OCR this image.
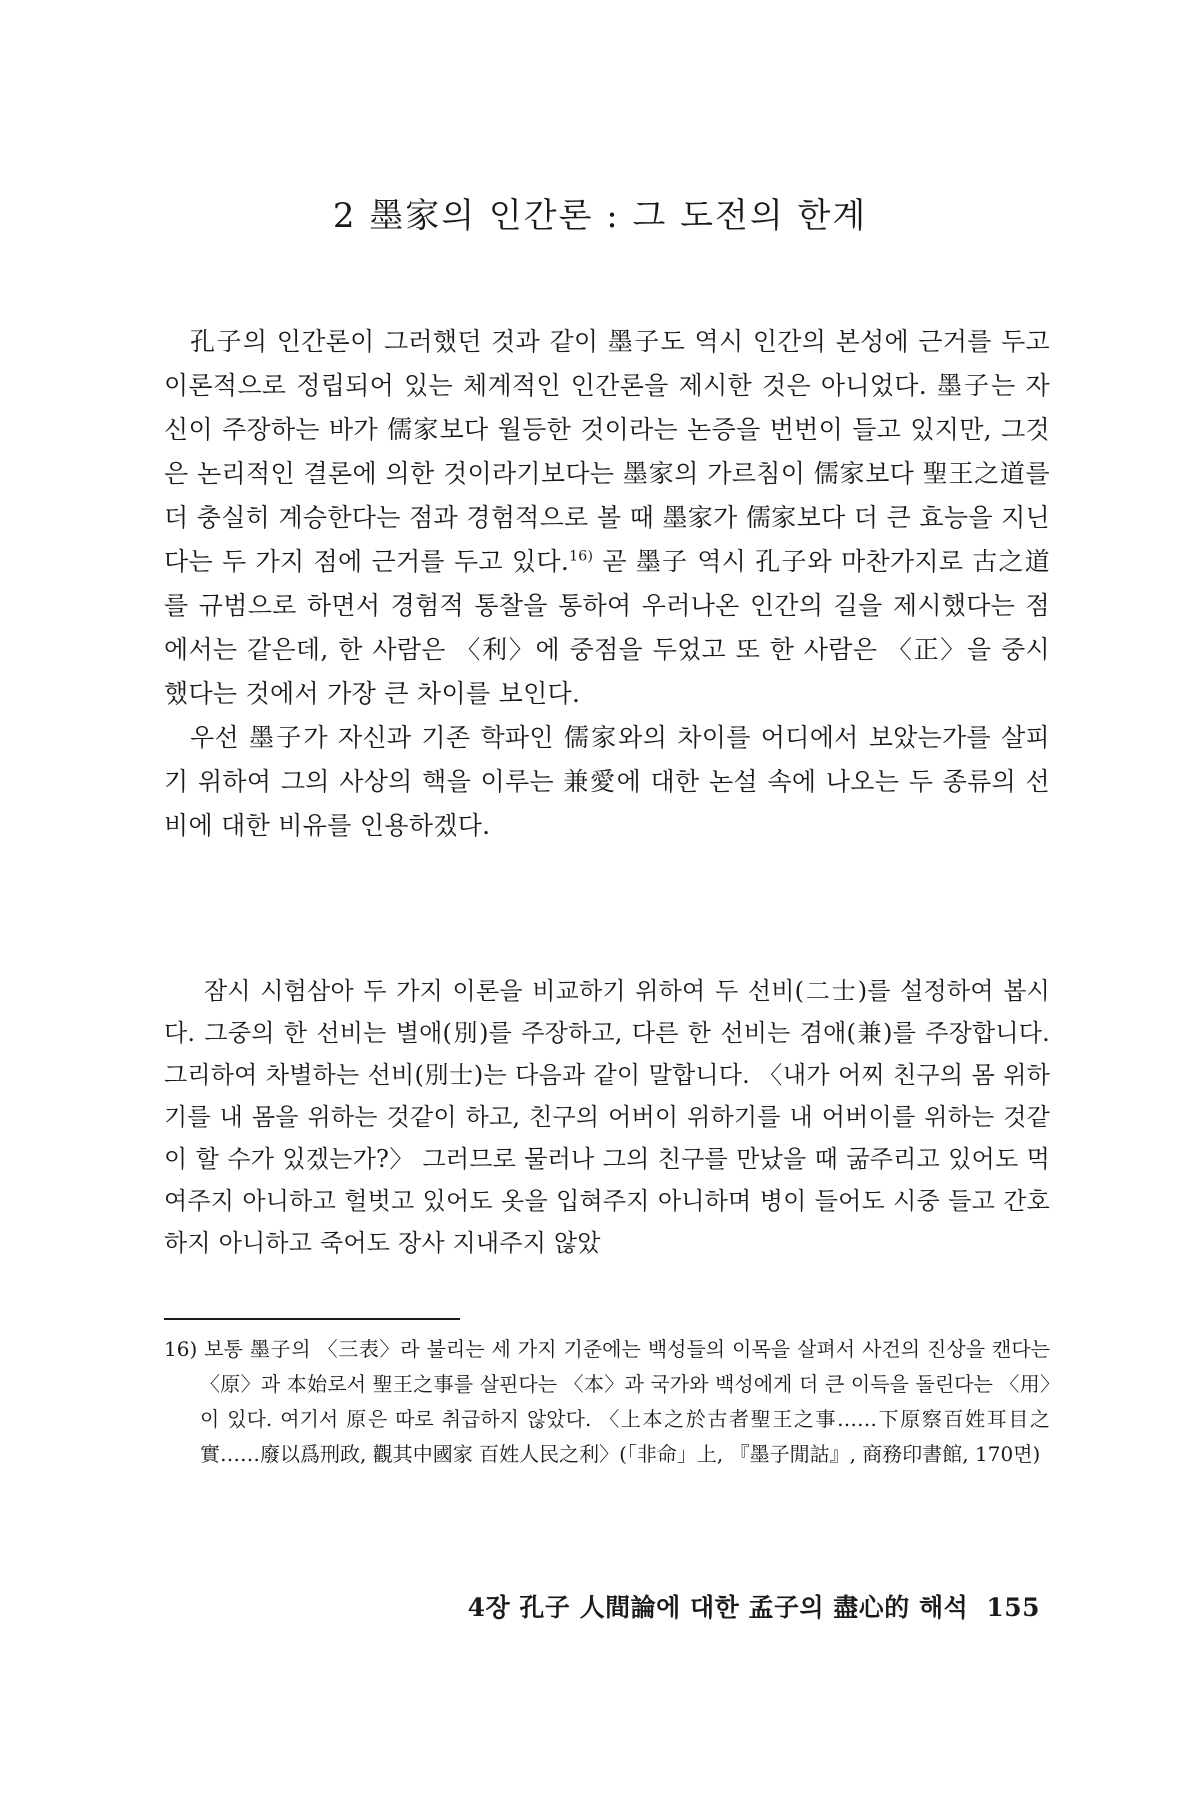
2 墨家의 인간론 : 그 도전의 한계

孔子의 인간론이 그러했던 것과 같이 墨子도 역시 인간의 본성에 근거를 두고 이론적으로 정립되어 있는 체계적인 인간론을 제시한 것은 아니었다. 墨子는 자신이 주장하는 바가 儒家보다 월등한 것이라는 논증을 번번이 들고 있지만, 그것은 논리적인 결론에 의한 것이라기보다는 墨家의 가르침이 儒家보다 聖王之道를 더 충실히 계승한다는 점과 경험적으로 볼 때 墨家가 儒家보다 더 큰 효능을 지닌다는 두 가지 점에 근거를 두고 있다.$^{16)}$ 곧 墨子 역시 孔子와 마찬가지로 古之道를 규범으로 하면서 경험적 통찰을 통하여 우러나온 인간의 길을 제시했다는 점에서는 같은데, 한 사람은 〈利〉에 중점을 두었고 또 한 사람은 〈正〉을 중시했다는 것에서 가장 큰 차이를 보인다.

우선 墨子가 자신과 기존 학파인 儒家와의 차이를 어디에서 보았는가를 살피기 위하여 그의 사상의 핵을 이루는 兼愛에 대한 논설 속에 나오는 두 종류의 선비에 대한 비유를 인용하겠다.

잠시 시험삼아 두 가지 이론을 비교하기 위하여 두 선비(二士)를 설정하여 봅시다. 그중의 한 선비는 별애(別)를 주장하고, 다른 한 선비는 겸애(兼)를 주장합니다. 그리하여 차별하는 선비(別士)는 다음과 같이 말합니다. 〈내가 어찌 친구의 몸 위하기를 내 몸을 위하는 것같이 하고, 친구의 어버이 위하기를 내 어버이를 위하는 것같이 할 수가 있겠는가?〉 그러므로 물러나 그의 친구를 만났을 때 굶주리고 있어도 먹여주지 아니하고 헐벗고 있어도 옷을 입혀주지 아니하며 병이 들어도 시중 들고 간호하지 아니하고 죽어도 장사 지내주지 않았

16) 보통 墨子의 〈三表〉라 불리는 세 가지 기준에는 백성들의 이목을 살펴서 사건의 진상을 캔다는 〈原〉과 本始로서 聖王之事를 살핀다는 〈本〉과 국가와 백성에게 더 큰 이득을 돌린다는 〈用〉이 있다. 여기서 原은 따로 취급하지 않았다. 〈上本之於古者聖王之事……下原察百姓耳目之實……廢以爲刑政, 觀其中國家 百姓人民之利〉(「非命」上, 『墨子閒詁』, 商務印書館, 170면)

4장 孔子 人間論에 대한 孟子의 盡心的 해석 155
